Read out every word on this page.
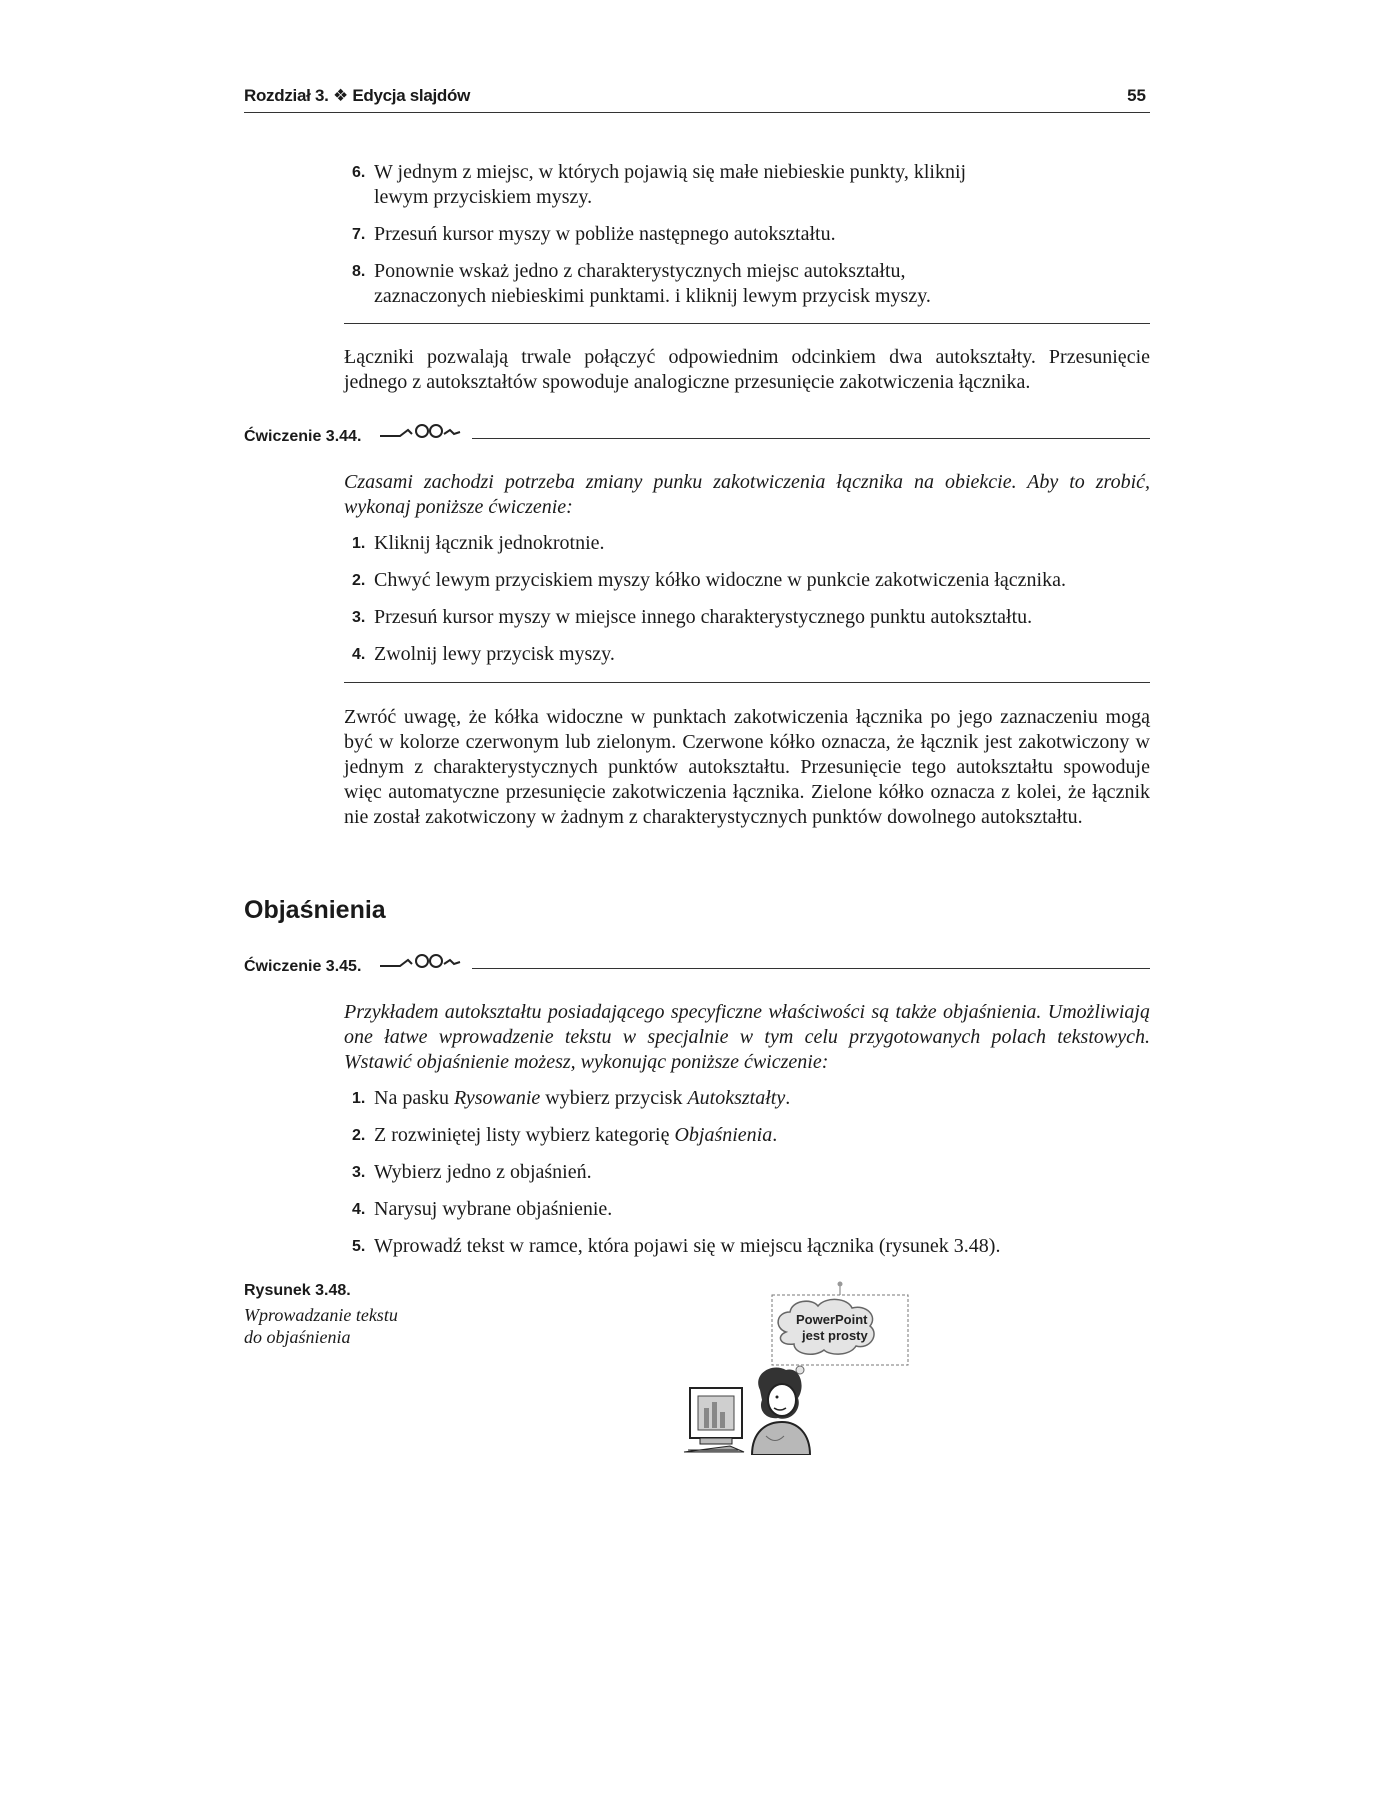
Rozdział 3. ❖ Edycja slajdów	55
6. W jednym z miejsc, w których pojawią się małe niebieskie punkty, kliknij lewym przyciskiem myszy.
7. Przesuń kursor myszy w pobliże następnego autokształtu.
8. Ponownie wskaż jedno z charakterystycznych miejsc autokształtu, zaznaczonych niebieskimi punktami. i kliknij lewym przycisk myszy.

Łączniki pozwalają trwale połączyć odpowiednim odcinkiem dwa autokształty. Przesunięcie jednego z autokształtów spowoduje analogiczne przesunięcie zakotwiczenia łącznika.

Ćwiczenie 3.44.

Czasami zachodzi potrzeba zmiany punku zakotwiczenia łącznika na obiekcie. Aby to zrobić, wykonaj poniższe ćwiczenie:

1. Kliknij łącznik jednokrotnie.
2. Chwyć lewym przyciskiem myszy kółko widoczne w punkcie zakotwiczenia łącznika.
3. Przesuń kursor myszy w miejsce innego charakterystycznego punktu autokształtu.
4. Zwolnij lewy przycisk myszy.

Zwróć uwagę, że kółka widoczne w punktach zakotwiczenia łącznika po jego zaznaczeniu mogą być w kolorze czerwonym lub zielonym. Czerwone kółko oznacza, że łącznik jest zakotwiczony w jednym z charakterystycznych punktów autokształtu. Przesunięcie tego autokształtu spowoduje więc automatyczne przesunięcie zakotwiczenia łącznika. Zielone kółko oznacza z kolei, że łącznik nie został zakotwiczony w żadnym z charakterystycznych punktów dowolnego autokształtu.

Objaśnienia
Ćwiczenie 3.45.

Przykładem autokształtu posiadającego specyficzne właściwości są także objaśnienia. Umożliwiają one łatwe wprowadzenie tekstu w specjalnie w tym celu przygotowanych polach tekstowych. Wstawić objaśnienie możesz, wykonując poniższe ćwiczenie:

1. Na pasku Rysowanie wybierz przycisk Autokształty.
2. Z rozwiniętej listy wybierz kategorię Objaśnienia.
3. Wybierz jedno z objaśnień.
4. Narysuj wybrane objaśnienie.
5. Wprowadź tekst w ramce, która pojawi się w miejscu łącznika (rysunek 3.48).
Rysunek 3.48.

Wprowadzanie tekstu
do objaśnienia

PowerPoint
jest prosty
